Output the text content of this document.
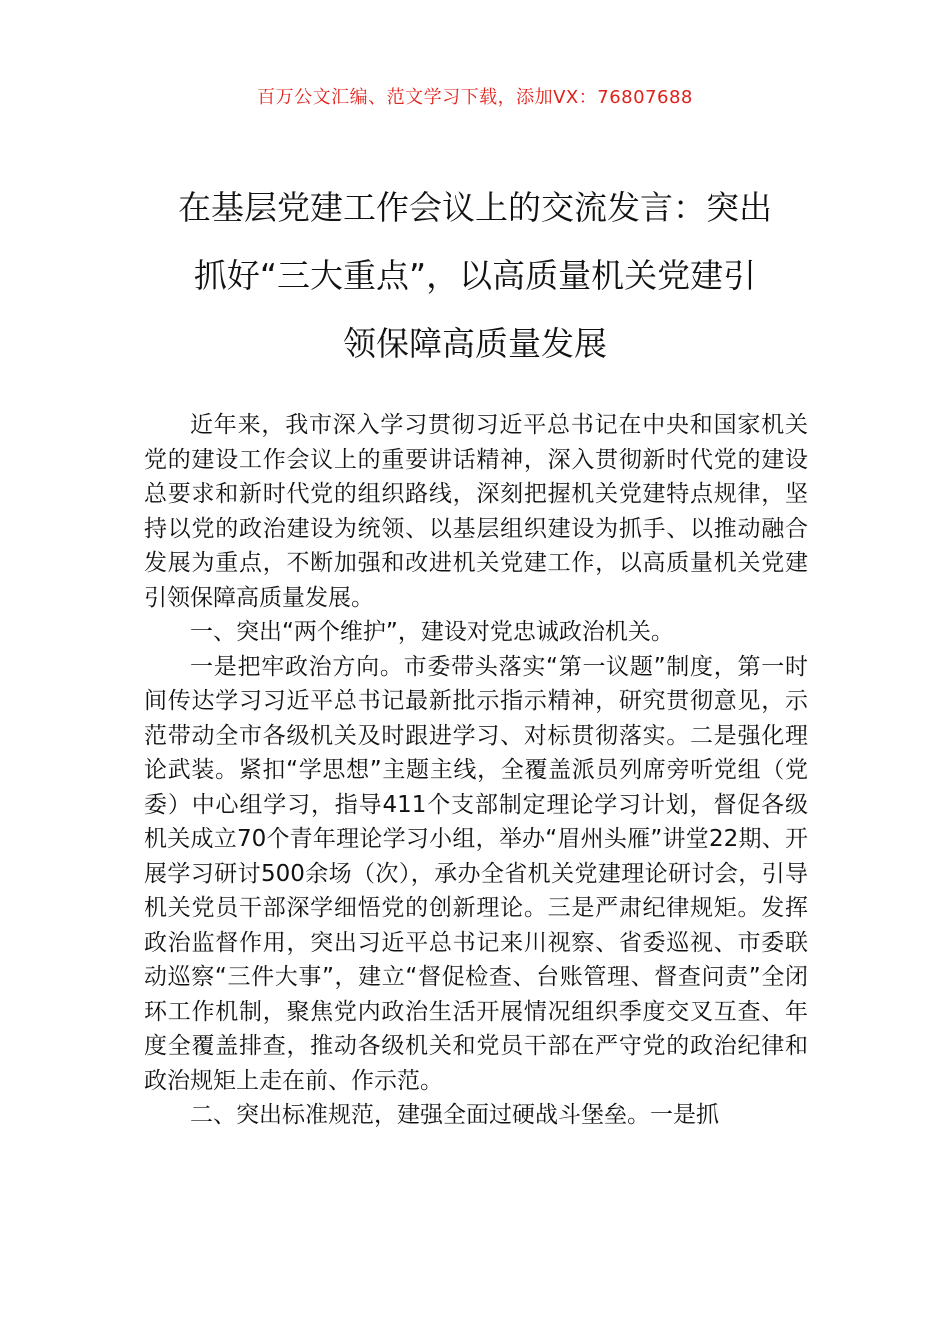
百万公文汇编、范文学习下载，添加VX：76807688
在基层党建工作会议上的交流发言：突出
抓好“三大重点”，以高质量机关党建引
领保障高质量发展

近年来，我市深入学习贯彻习近平总书记在中央和国家机关党的建设工作会议上的重要讲话精神，深入贯彻新时代党的建设总要求和新时代党的组织路线，深刻把握机关党建特点规律，坚持以党的政治建设为统领、以基层组织建设为抓手、以推动融合发展为重点，不断加强和改进机关党建工作，以高质量机关党建引领保障高质量发展。

一、突出“两个维护”，建设对党忠诚政治机关。

一是把牢政治方向。市委带头落实“第一议题”制度，第一时间传达学习习近平总书记最新批示指示精神，研究贯彻意见，示范带动全市各级机关及时跟进学习、对标贯彻落实。二是强化理论武装。紧扣“学思想”主题主线，全覆盖派员列席旁听党组（党委）中心组学习，指导411个支部制定理论学习计划，督促各级机关成立70个青年理论学习小组，举办“眉州头雁”讲堂22期、开展学习研讨500余场（次），承办全省机关党建理论研讨会，引导机关党员干部深学细悟党的创新理论。三是严肃纪律规矩。发挥政治监督作用，突出习近平总书记来川视察、省委巡视、市委联动巡察“三件大事”，建立“督促检查、台账管理、督查问责”全闭环工作机制，聚焦党内政治生活开展情况组织季度交叉互查、年度全覆盖排查，推动各级机关和党员干部在严守党的政治纪律和政治规矩上走在前、作示范。

二、突出标准规范，建强全面过硬战斗堡垒。一是抓
